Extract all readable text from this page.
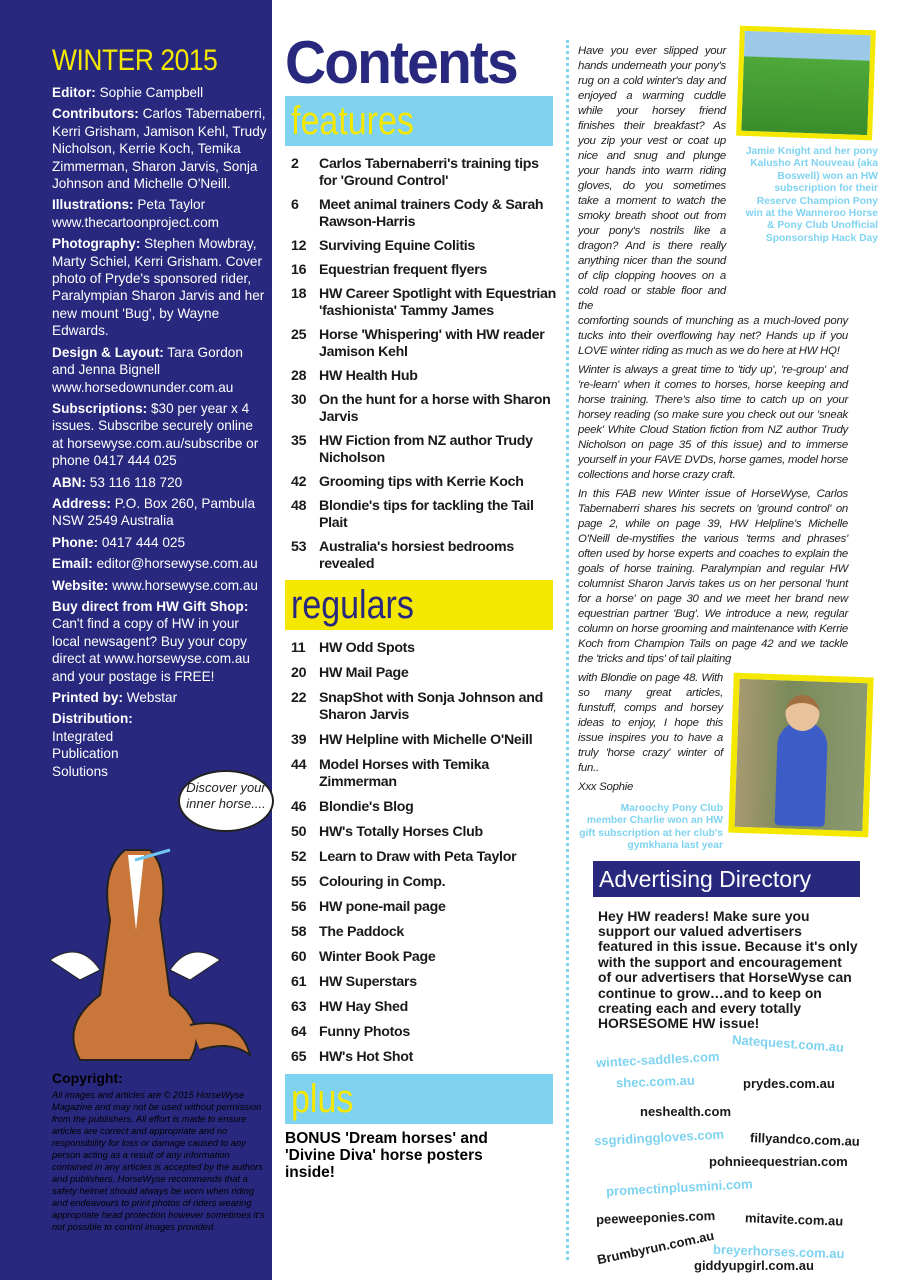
WINTER 2015
Editor: Sophie Campbell
Contributors: Carlos Tabernaberri, Kerri Grisham, Jamison Kehl, Trudy Nicholson, Kerrie Koch, Temika Zimmerman, Sharon Jarvis, Sonja Johnson and Michelle O'Neill.
Illustrations: Peta Taylor www.thecartoonproject.com
Photography: Stephen Mowbray, Marty Schiel, Kerri Grisham. Cover photo of Pryde's sponsored rider, Paralympian Sharon Jarvis and her new mount 'Bug', by Wayne Edwards.
Design & Layout: Tara Gordon and Jenna Bignell www.horsedownunder.com.au
Subscriptions: $30 per year x 4 issues. Subscribe securely online at horsewyse.com.au/subscribe or phone 0417 444 025
ABN: 53 116 118 720
Address: P.O. Box 260, Pambula NSW 2549 Australia
Phone: 0417 444 025
Email: editor@horsewyse.com.au
Website: www.horsewyse.com.au
Buy direct from HW Gift Shop: Can't find a copy of HW in your local newsagent? Buy your copy direct at www.horsewyse.com.au and your postage is FREE!
Printed by: Webstar
Distribution: Integrated Publication Solutions
Discover your inner horse....
Copyright:

All images and articles are © 2015 HorseWyse Magazine and may not be used without permission from the publishers. All effort is made to ensure articles are correct and appropriate and no responsibility for loss or damage caused to any person acting as a result of any information contained in any articles is accepted by the authors and publishers. HorseWyse recommends that a safety helmet should always be worn when riding and endeavours to print photos of riders wearing appropriate head protection however sometimes it's not possible to control images provided.

Contents
features
2	Carlos Tabernaberri's training tips for 'Ground Control'
6	Meet animal trainers Cody & Sarah Rawson-Harris
12 Surviving Equine Colitis
16 Equestrian frequent flyers
18 HW Career Spotlight with Equestrian 'fashionista' Tammy James
25 Horse 'Whispering' with HW reader Jamison Kehl
28 HW Health Hub
30 On the hunt for a horse with Sharon Jarvis
35 HW Fiction from NZ author Trudy Nicholson
42 Grooming tips with Kerrie Koch
48 Blondie's tips for tackling the Tail Plait
53 Australia's horsiest bedrooms revealed
regulars
11 HW Odd Spots
20 HW Mail Page
22 SnapShot with Sonja Johnson and Sharon Jarvis
39 HW Helpline with Michelle O'Neill
44 Model Horses with Temika Zimmerman
46 Blondie's Blog
50 HW's Totally Horses Club
52 Learn to Draw with Peta Taylor
55 Colouring in Comp.
56 HW pone-mail page
58 The Paddock
60 Winter Book Page
61 HW Superstars
63 HW Hay Shed
64 Funny Photos
65 HW's Hot Shot
plus
BONUS 'Dream horses' and 'Divine Diva' horse posters inside!

Have you ever slipped your hands underneath your pony's rug on a cold winter's day and enjoyed a warming cuddle while your horsey friend finishes their breakfast? As you zip your vest or coat up nice and snug and plunge your hands into warm riding gloves, do you sometimes take a moment to watch the smoky breath shoot out from your pony's nostrils like a dragon? And is there really anything nicer than the sound of clip clopping hooves on a cold road or stable floor and the

Jamie Knight and her pony Kalusho Art Nouveau (aka Boswell) won an HW subscription for their Reserve Champion Pony win at the Wanneroo Horse & Pony Club Unofficial Sponsorship Hack Day

comforting sounds of munching as a much-loved pony tucks into their overflowing hay net? Hands up if you LOVE winter riding as much as we do here at HW HQ!

Winter is always a great time to 'tidy up', 're-group' and 're-learn' when it comes to horses, horse keeping and horse training. There's also time to catch up on your horsey reading (so make sure you check out our 'sneak peek' White Cloud Station fiction from NZ author Trudy Nicholson on page 35 of this issue) and to immerse yourself in your FAVE DVDs, horse games, model horse collections and horse crazy craft.

In this FAB new Winter issue of HorseWyse, Carlos Tabernaberri shares his secrets on 'ground control' on page 2, while on page 39, HW Helpline's Michelle O'Neill de-mystifies the various 'terms and phrases' often used by horse experts and coaches to explain the goals of horse training. Paralympian and regular HW columnist Sharon Jarvis takes us on her personal 'hunt for a horse' on page 30 and we meet her brand new equestrian partner 'Bug'. We introduce a new, regular column on horse grooming and maintenance with Kerrie Koch from Champion Tails on page 42 and we tackle the 'tricks and tips' of tail plaiting

with Blondie on page 48. With so many great articles, funstuff, comps and horsey ideas to enjoy, I hope this issue inspires you to have a truly 'horse crazy' winter of fun..

Xxx Sophie

Maroochy Pony Club member Charlie won an HW gift subscription at her club's gymkhana last year
Advertising Directory
Hey HW readers! Make sure you support our valued advertisers featured in this issue. Because it's only with the support and encouragement of our advertisers that HorseWyse can continue to grow…and to keep on creating each and every totally HORSESOME HW issue!
Natequest.com.au
wintec-saddles.com
shec.com.au	prydes.com.au
neshealth.com
ssgridinggloves.com fillyandco.com.au
pohnieequestrian.com
promectinplusmini.com
peeweeponies.com mitavite.com.au
Brumbyrun.com.au
breyerhorses.com.au
giddyupgirl.com.au
